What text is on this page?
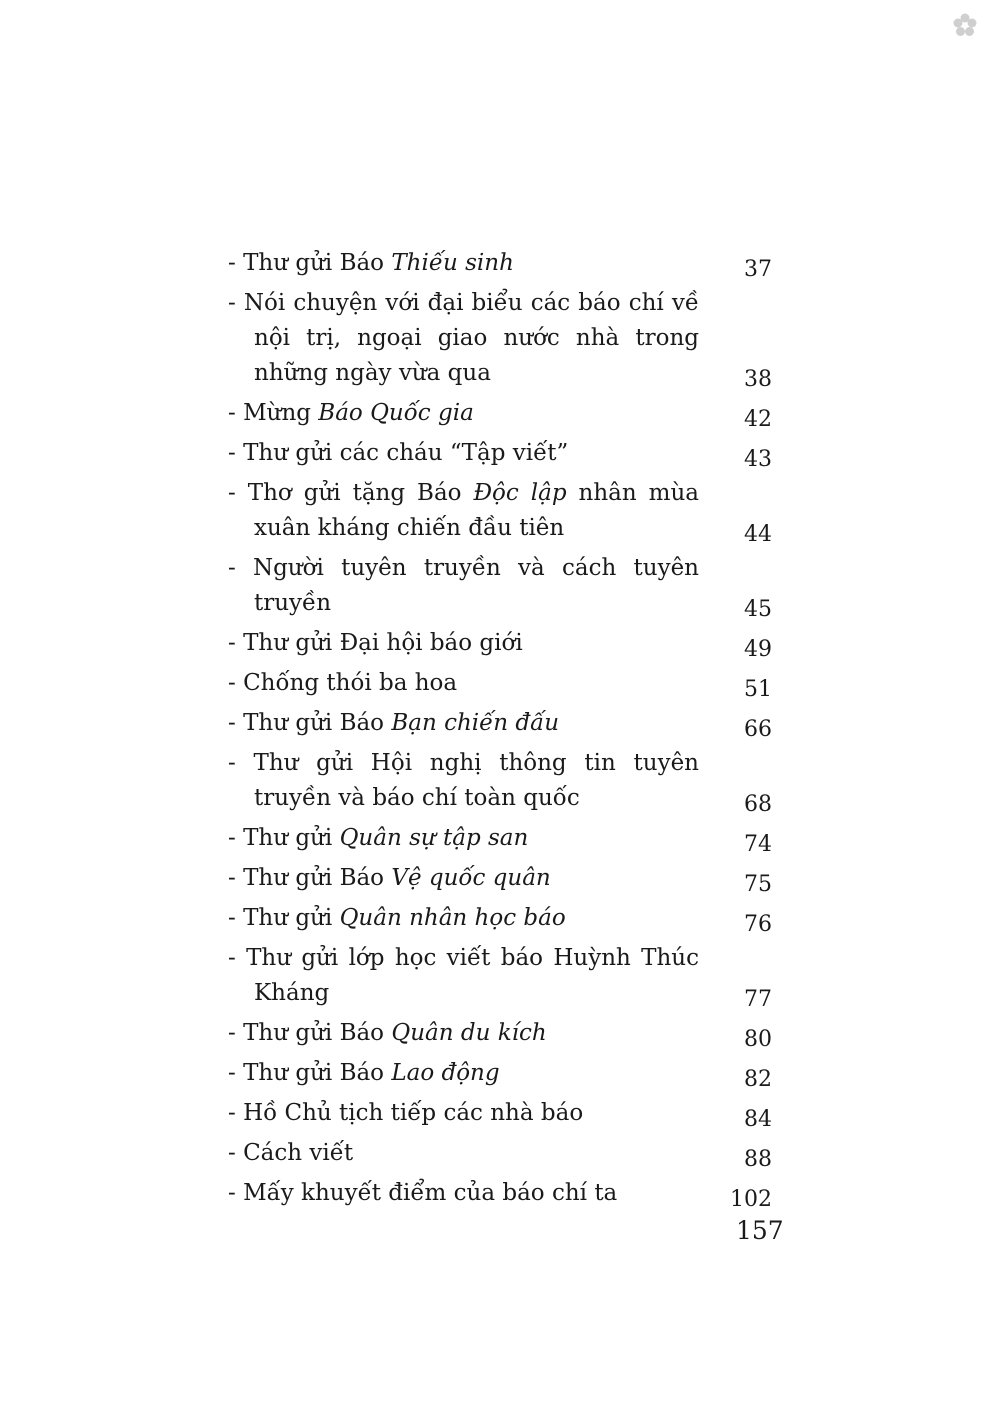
- Thư gửi Báo Thiếu sinh	37
- Nói chuyện với đại biểu các báo chí về nội trị, ngoại giao nước nhà trong những ngày vừa qua	38
- Mừng Báo Quốc gia	42
- Thư gửi các cháu “Tập viết”	43
- Thơ gửi tặng Báo Độc lập nhân mùa xuân kháng chiến đầu tiên	44
- Người tuyên truyền và cách tuyên truyền	45
- Thư gửi Đại hội báo giới	49
- Chống thói ba hoa	51
- Thư gửi Báo Bạn chiến đấu	66
- Thư gửi Hội nghị thông tin tuyên truyền và báo chí toàn quốc	68
- Thư gửi Quân sự tập san	74
- Thư gửi Báo Vệ quốc quân	75
- Thư gửi Quân nhân học báo	76
- Thư gửi lớp học viết báo Huỳnh Thúc Kháng	77
- Thư gửi Báo Quân du kích	80
- Thư gửi Báo Lao động	82
- Hồ Chủ tịch tiếp các nhà báo	84
- Cách viết	88
- Mấy khuyết điểm của báo chí ta	102
157
